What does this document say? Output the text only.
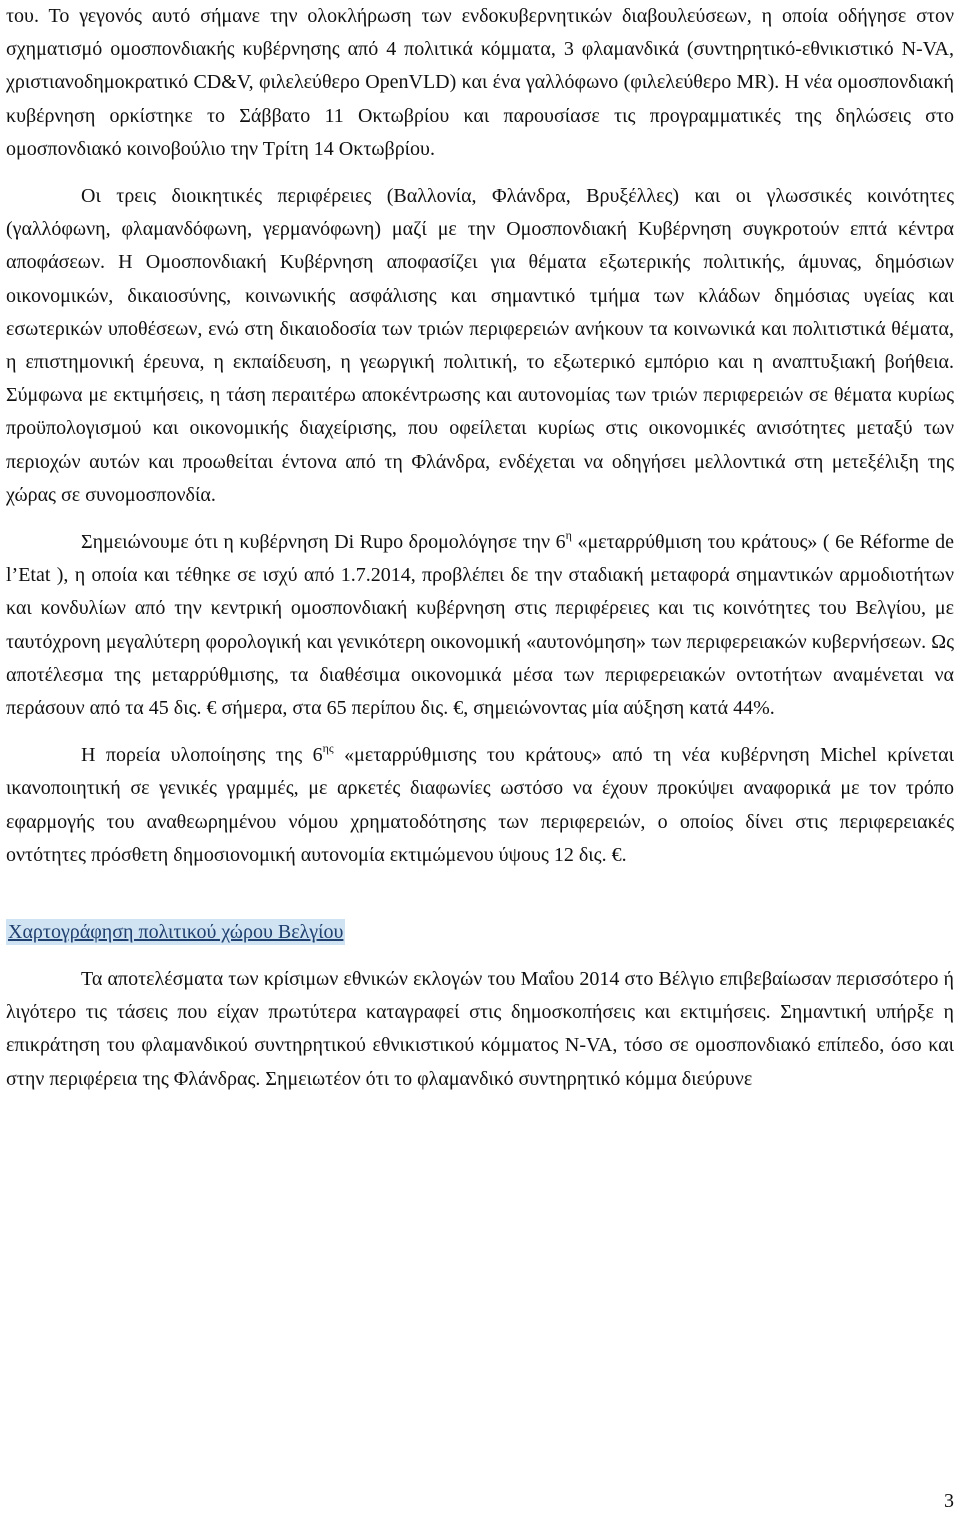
του. Το γεγονός αυτό σήμανε την ολοκλήρωση των ενδοκυβερνητικών διαβουλεύσεων, η οποία οδήγησε στον σχηματισμό ομοσπονδιακής κυβέρνησης από 4 πολιτικά κόμματα, 3 φλαμανδικά (συντηρητικό-εθνικιστικό N-VA, χριστιανοδημοκρατικό CD&V, φιλελεύθερο OpenVLD) και ένα γαλλόφωνο (φιλελεύθερο MR). Η νέα ομοσπονδιακή κυβέρνηση ορκίστηκε το Σάββατο 11 Οκτωβρίου και παρουσίασε τις προγραμματικές της δηλώσεις στο ομοσπονδιακό κοινοβούλιο την Τρίτη 14 Οκτωβρίου.

Οι τρεις διοικητικές περιφέρειες (Βαλλονία, Φλάνδρα, Βρυξέλλες) και οι γλωσσικές κοινότητες (γαλλόφωνη, φλαμανδόφωνη, γερμανόφωνη) μαζί με την Ομοσπονδιακή Κυβέρνηση συγκροτούν επτά κέντρα αποφάσεων. Η Ομοσπονδιακή Κυβέρνηση αποφασίζει για θέματα εξωτερικής πολιτικής, άμυνας, δημόσιων οικονομικών, δικαιοσύνης, κοινωνικής ασφάλισης και σημαντικό τμήμα των κλάδων δημόσιας υγείας και εσωτερικών υποθέσεων, ενώ στη δικαιοδοσία των τριών περιφερειών ανήκουν τα κοινωνικά και πολιτιστικά θέματα, η επιστημονική έρευνα, η εκπαίδευση, η γεωργική πολιτική, το εξωτερικό εμπόριο και η αναπτυξιακή βοήθεια. Σύμφωνα με εκτιμήσεις, η τάση περαιτέρω αποκέντρωσης και αυτονομίας των τριών περιφερειών σε θέματα κυρίως προϋπολογισμού και οικονομικής διαχείρισης, που οφείλεται κυρίως στις οικονομικές ανισότητες μεταξύ των περιοχών αυτών και προωθείται έντονα από τη Φλάνδρα, ενδέχεται να οδηγήσει μελλοντικά στη μετεξέλιξη της χώρας σε συνομοσπονδία.

Σημειώνουμε ότι η κυβέρνηση Di Rupo δρομολόγησε την $6^\eta$ «μεταρρύθμιση του κράτους» ( 6e Réforme de l’Etat ), η οποία και τέθηκε σε ισχύ από 1.7.2014, προβλέπει δε την σταδιακή μεταφορά σημαντικών αρμοδιοτήτων και κονδυλίων από την κεντρική ομοσπονδιακή κυβέρνηση στις περιφέρειες και τις κοινότητες του Βελγίου, με ταυτόχρονη μεγαλύτερη φορολογική και γενικότερη οικονομική «αυτονόμηση» των περιφερειακών κυβερνήσεων. Ως αποτέλεσμα της μεταρρύθμισης, τα διαθέσιμα οικονομικά μέσα των περιφερειακών οντοτήτων αναμένεται να περάσουν από τα 45 δις. € σήμερα, στα 65 περίπου δις. €, σημειώνοντας μία αύξηση κατά 44%.

Η πορεία υλοποίησης της $6^{\eta\varsigma}$ «μεταρρύθμισης του κράτους» από τη νέα κυβέρνηση Michel κρίνεται ικανοποιητική σε γενικές γραμμές, με αρκετές διαφωνίες ωστόσο να έχουν προκύψει αναφορικά με τον τρόπο εφαρμογής του αναθεωρημένου νόμου χρηματοδότησης των περιφερειών, ο οποίος δίνει στις περιφερειακές οντότητες πρόσθετη δημοσιονομική αυτονομία εκτιμώμενου ύψους 12 δις. €.

Χαρτογράφηση πολιτικού χώρου Βελγίου

Τα αποτελέσματα των κρίσιμων εθνικών εκλογών του Μαΐου 2014 στο Βέλγιο επιβεβαίωσαν περισσότερο ή λιγότερο τις τάσεις που είχαν πρωτύτερα καταγραφεί στις δημοσκοπήσεις και εκτιμήσεις. Σημαντική υπήρξε η επικράτηση του φλαμανδικού συντηρητικού εθνικιστικού κόμματος N-VA, τόσο σε ομοσπονδιακό επίπεδο, όσο και στην περιφέρεια της Φλάνδρας. Σημειωτέον ότι το φλαμανδικό συντηρητικό κόμμα διεύρυνε

3
